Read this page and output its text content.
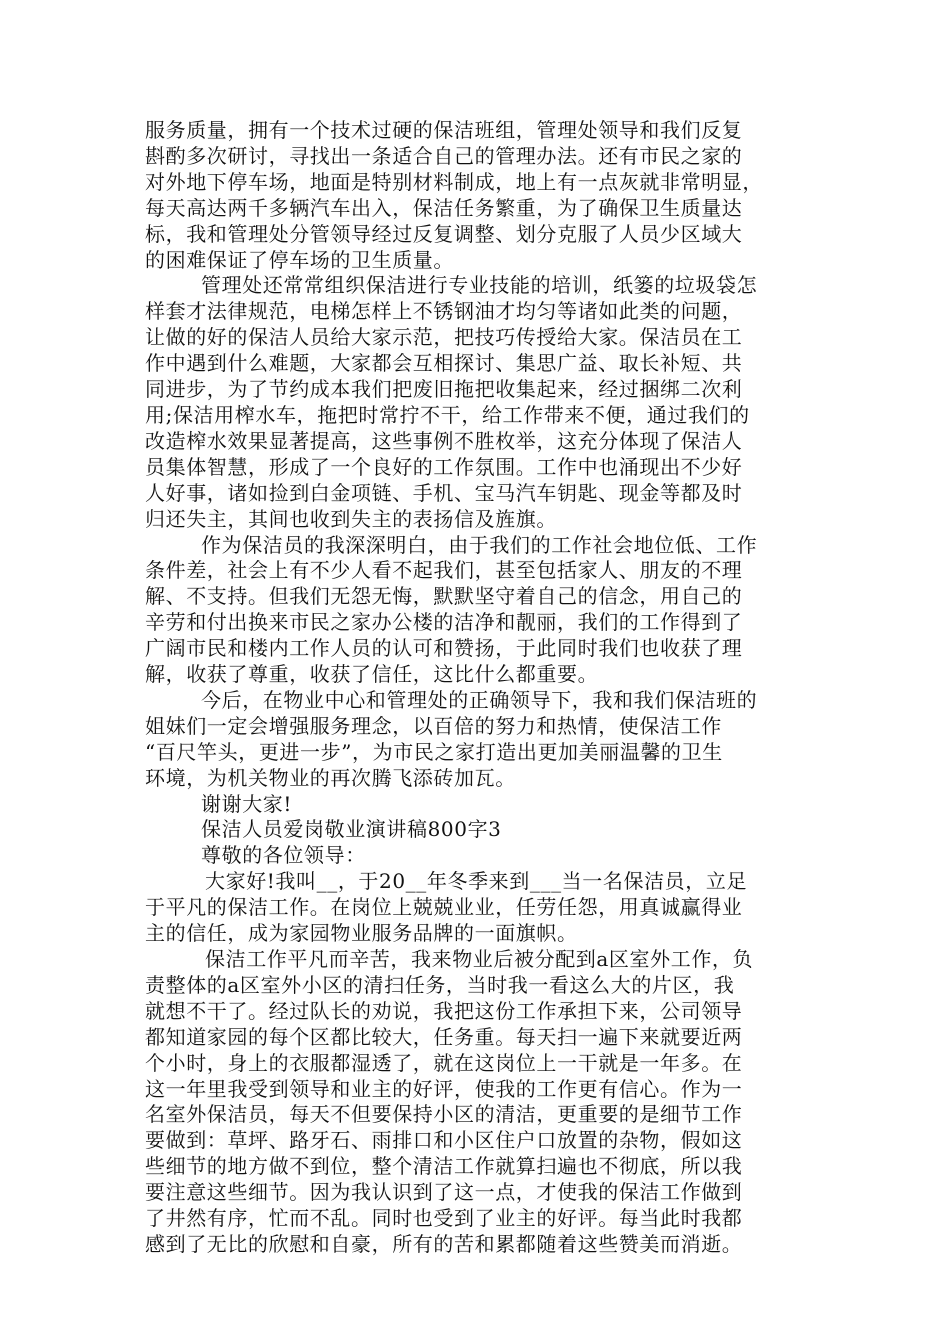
服务质量，拥有一个技术过硬的保洁班组，管理处领导和我们反复
斟酌多次研讨，寻找出一条适合自己的管理办法。还有市民之家的
对外地下停车场，地面是特别材料制成，地上有一点灰就非常明显，
每天高达两千多辆汽车出入，保洁任务繁重，为了确保卫生质量达
标，我和管理处分管领导经过反复调整、划分克服了人员少区域大
的困难保证了停车场的卫生质量。
管理处还常常组织保洁进行专业技能的培训，纸篓的垃圾袋怎
样套才法律规范，电梯怎样上不锈钢油才均匀等诸如此类的问题，
让做的好的保洁人员给大家示范，把技巧传授给大家。保洁员在工
作中遇到什么难题，大家都会互相探讨、集思广益、取长补短、共
同进步，为了节约成本我们把废旧拖把收集起来，经过捆绑二次利
用;保洁用榨水车，拖把时常拧不干，给工作带来不便，通过我们的
改造榨水效果显著提高，这些事例不胜枚举，这充分体现了保洁人
员集体智慧，形成了一个良好的工作氛围。工作中也涌现出不少好
人好事，诸如捡到白金项链、手机、宝马汽车钥匙、现金等都及时
归还失主，其间也收到失主的表扬信及旌旗。
作为保洁员的我深深明白，由于我们的工作社会地位低、工作
条件差，社会上有不少人看不起我们，甚至包括家人、朋友的不理
解、不支持。但我们无怨无悔，默默坚守着自己的信念，用自己的
辛劳和付出换来市民之家办公楼的洁净和靓丽，我们的工作得到了
广阔市民和楼内工作人员的认可和赞扬，于此同时我们也收获了理
解，收获了尊重，收获了信任，这比什么都重要。
今后，在物业中心和管理处的正确领导下，我和我们保洁班的
姐妹们一定会增强服务理念，以百倍的努力和热情，使保洁工作
“百尺竿头，更进一步”，为市民之家打造出更加美丽温馨的卫生
环境，为机关物业的再次腾飞添砖加瓦。
谢谢大家!
保洁人员爱岗敬业演讲稿800字3
尊敬的各位领导：
大家好!我叫__，于20__年冬季来到___当一名保洁员，立足
于平凡的保洁工作。在岗位上兢兢业业，任劳任怨，用真诚赢得业
主的信任，成为家园物业服务品牌的一面旗帜。
保洁工作平凡而辛苦，我来物业后被分配到a区室外工作，负
责整体的a区室外小区的清扫任务，当时我一看这么大的片区，我
就想不干了。经过队长的劝说，我把这份工作承担下来，公司领导
都知道家园的每个区都比较大，任务重。每天扫一遍下来就要近两
个小时，身上的衣服都湿透了，就在这岗位上一干就是一年多。在
这一年里我受到领导和业主的好评，使我的工作更有信心。作为一
名室外保洁员，每天不但要保持小区的清洁，更重要的是细节工作
要做到：草坪、路牙石、雨排口和小区住户口放置的杂物，假如这
些细节的地方做不到位，整个清洁工作就算扫遍也不彻底，所以我
要注意这些细节。因为我认识到了这一点，才使我的保洁工作做到
了井然有序，忙而不乱。同时也受到了业主的好评。每当此时我都
感到了无比的欣慰和自豪，所有的苦和累都随着这些赞美而消逝。
